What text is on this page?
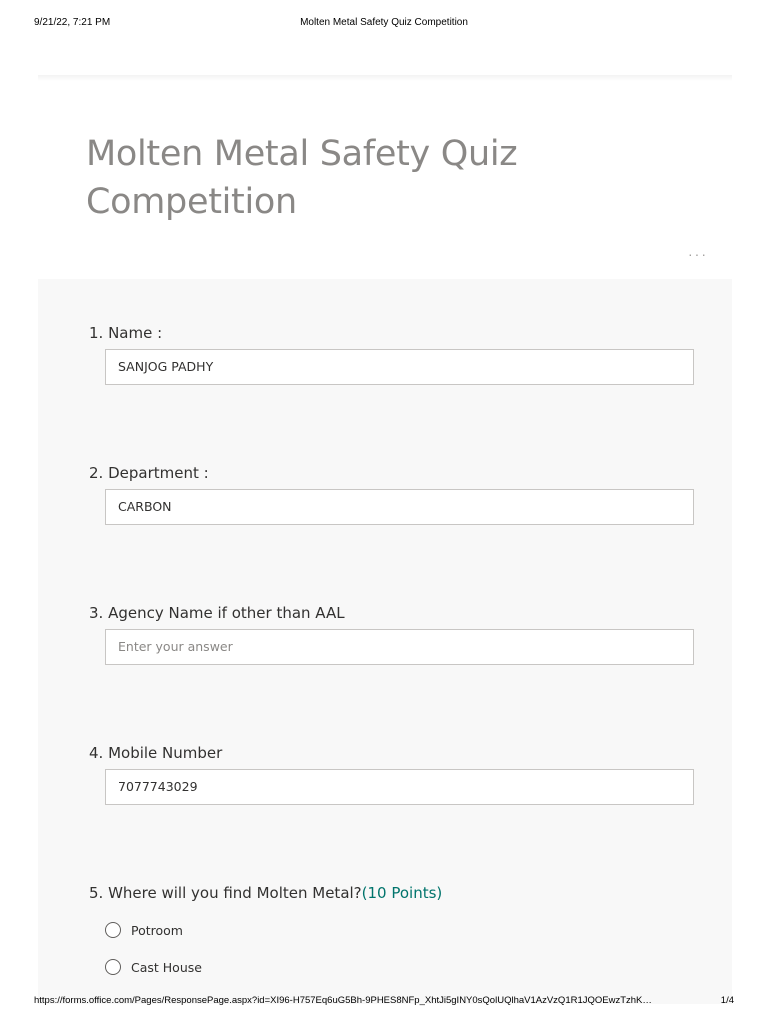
9/21/22, 7:21 PM	Molten Metal Safety Quiz Competition
Molten Metal Safety Quiz
Competition
···
1. Name :
SANJOG PADHY
2. Department :
CARBON
3. Agency Name if other than AAL
Enter your answer
4. Mobile Number
7077743029
5. Where will you find Molten Metal?(10 Points)
Potroom
Cast House
https://forms.office.com/Pages/ResponsePage.aspx?id=XI96-H757Eq6uG5Bh-9PHES8NFp_XhtJi5gINY0sQolUQlhaV1AzVzQ1R1JQOEwzTzhK…	1/4
